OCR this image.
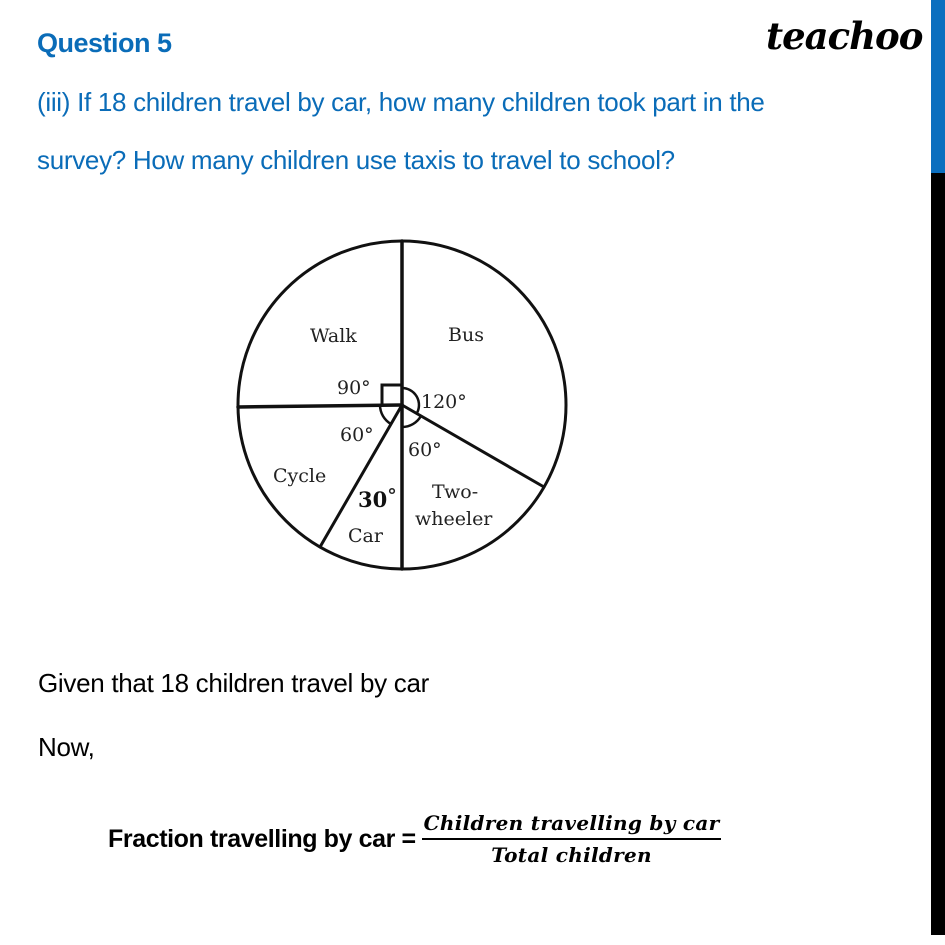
Question 5	teachoo
(iii) If 18 children travel by car, how many children took part in the
survey? How many children use taxis to travel to school?
Walk	Bus
90°
120°
60°
60°
Cycle
30° Two-
wheeler
Car
Given that 18 children travel by car
Now,
Fraction travelling by car = $\frac{\text{Children travelling by car}}{\text{Total children}}$
